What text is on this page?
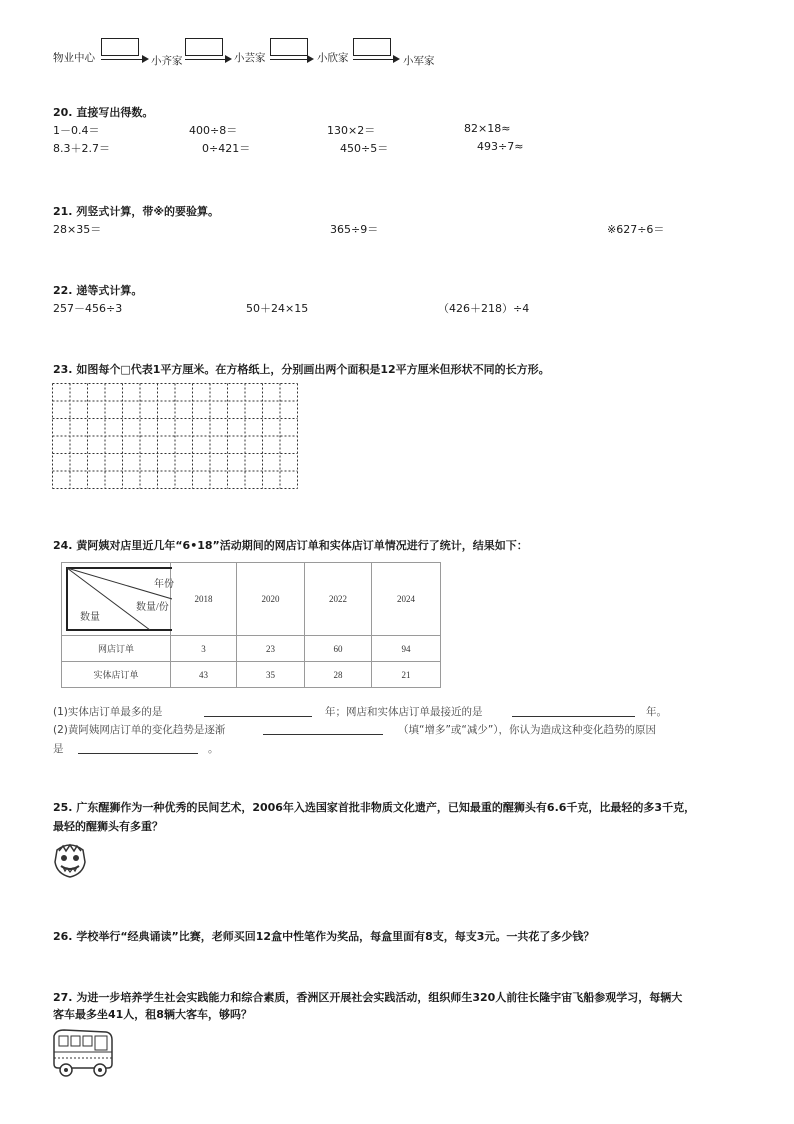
物业中心	小齐家	小芸家	小欣家	小军家
20. 直接写出得数。
1－0.4＝	400÷8＝	130×2＝	82×18≈
8.3＋2.7＝	0÷421＝	450÷5＝	493÷7≈
21. 列竖式计算，带※的要验算。
28×35＝	365÷9＝	※627÷6＝
22. 递等式计算。
257－456÷3	50＋24×15	（426＋218）÷4
23. 如图每个□代表1平方厘米。在方格纸上，分别画出两个面积是12平方厘米但形状不同的长方形。
24. 黄阿姨对店里近几年“6•18”活动期间的网店订单和实体店订单情况进行了统计，结果如下：
年份
数量/份
数量	2018	2020	2022	2024
网店订单	3	23	60	94
实体店订单	43	35	28	21
(1)实体店订单最多的是	年；网店和实体店订单最接近的是	年。
(2)黄阿姨网店订单的变化趋势是逐渐	（填“增多”或“减少”），你认为造成这种变化趋势的原因
是	。
25. 广东醒狮作为一种优秀的民间艺术，2006年入选国家首批非物质文化遗产，已知最重的醒狮头有6.6千克，比最轻的多3千克，
最轻的醒狮头有多重？
26. 学校举行“经典诵读”比赛，老师买回12盒中性笔作为奖品，每盒里面有8支，每支3元。一共花了多少钱？
27. 为进一步培养学生社会实践能力和综合素质，香洲区开展社会实践活动，组织师生320人前往长隆宇宙飞船参观学习，每辆大
客车最多坐41人，租8辆大客车，够吗？
